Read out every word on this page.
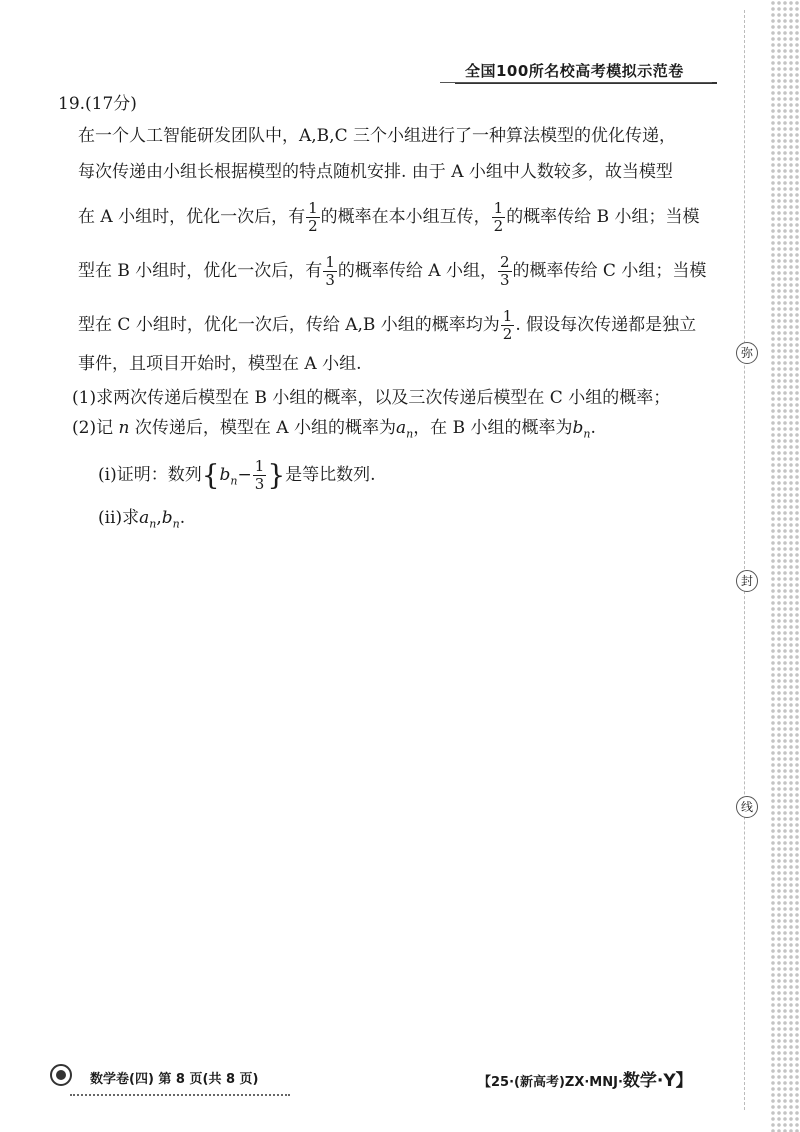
全国100所名校高考模拟示范卷
19.(17分)
在一个人工智能研发团队中，A,B,C 三个小组进行了一种算法模型的优化传递，
每次传递由小组长根据模型的特点随机安排. 由于 A 小组中人数较多，故当模型
在 A 小组时，优化一次后，有 $\frac{1}{2}$ 的概率在本小组互传， $\frac{1}{2}$ 的概率传给 B 小组；当模
型在 B 小组时，优化一次后，有 $\frac{1}{3}$ 的概率传给 A 小组， $\frac{2}{3}$ 的概率传给 C 小组；当模
型在 C 小组时，优化一次后，传给 A,B 小组的概率均为 $\frac{1}{2}$ . 假设每次传递都是独立
事件，且项目开始时，模型在 A 小组.
(1)求两次传递后模型在 B 小组的概率，以及三次传递后模型在 C 小组的概率；
(2)记 n 次传递后，模型在 A 小组的概率为$a_n$，在 B 小组的概率为$b_n$.
(ⅰ)证明：数列{$b_n- \frac{1}{3}$ }是等比数列.
(ⅱ)求$a_n,b_n$.
弥
封
线
数学卷(四) 第 8 页(共 8 页)	【25·(新高考)ZX·MNJ·数学·Y】
